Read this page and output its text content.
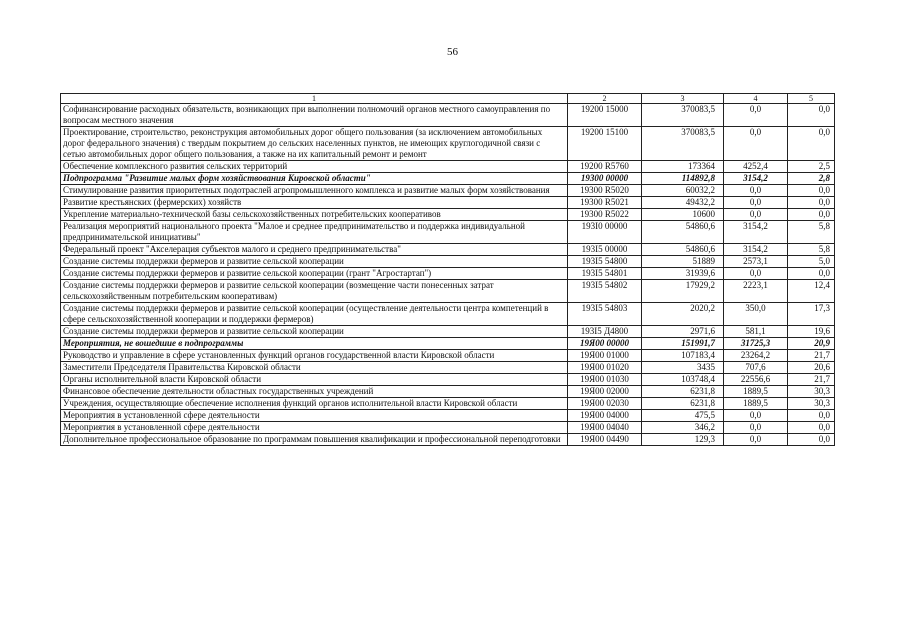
56
1	2	3	4	5
Софинансирование расходных обязательств, возникающих при выполнении полномочий органов местного самоуправления по вопросам местного значения	19200 15000	370083,5	0,0	0,0
Проектирование, строительство, реконструкция автомобильных дорог общего пользования (за исключением автомобильных дорог федерального значения) с твердым покрытием до сельских населенных пунктов, не имеющих круглогодичной связи с сетью автомобильных дорог общего пользования, а также на их капитальный ремонт и ремонт	19200 15100	370083,5	0,0	0,0
Обеспечение комплексного развития сельских территорий	19200 R5760	173364	4252,4	2,5
Подпрограмма "Развитие малых форм хозяйствования Кировской области"	19300 00000	114892,8	3154,2	2,8
Стимулирование развития приоритетных подотраслей агропромышленного комплекса и развитие малых форм хозяйствования	19300 R5020	60032,2	0,0	0,0
Развитие крестьянских (фермерских) хозяйств	19300 R5021	49432,2	0,0	0,0
Укрепление материально-технической базы сельскохозяйственных потребительских кооперативов	19300 R5022	10600	0,0	0,0
Реализация мероприятий национального проекта "Малое и среднее предпринимательство и поддержка индивидуальной предпринимательской инициативы"	193I0 00000	54860,6	3154,2	5,8
Федеральный проект "Акселерация субъектов малого и среднего предпринимательства"	193I5 00000	54860,6	3154,2	5,8
Создание системы поддержки фермеров и развитие сельской кооперации	193I5 54800	51889	2573,1	5,0
Создание системы поддержки фермеров и развитие сельской кооперации (грант "Агростартап")	193I5 54801	31939,6	0,0	0,0
Создание системы поддержки фермеров и развитие сельской кооперации (возмещение части понесенных затрат сельскохозяйственным потребительским кооперативам)	193I5 54802	17929,2	2223,1	12,4
Создание системы поддержки фермеров и развитие сельской кооперации (осуществление деятельности центра компетенций в сфере сельскохозяйственной кооперации и поддержки фермеров)	193I5 54803	2020,2	350,0	17,3
Создание системы поддержки фермеров и развитие сельской кооперации	193I5 Д4800	2971,6	581,1	19,6
Мероприятия, не вошедшие в подпрограммы	19Я00 00000	151991,7	31725,3	20,9
Руководство и управление в сфере установленных функций органов государственной власти Кировской области	19Я00 01000	107183,4	23264,2	21,7
Заместители Председателя Правительства Кировской области	19Я00 01020	3435	707,6	20,6
Органы исполнительной власти Кировской области	19Я00 01030	103748,4	22556,6	21,7
Финансовое обеспечение деятельности областных государственных учреждений	19Я00 02000	6231,8	1889,5	30,3
Учреждения, осуществляющие обеспечение исполнения функций органов исполнительной власти Кировской области	19Я00 02030	6231,8	1889,5	30,3
Мероприятия в установленной сфере деятельности	19Я00 04000	475,5	0,0	0,0
Мероприятия в установленной сфере деятельности	19Я00 04040	346,2	0,0	0,0
Дополнительное профессиональное образование по программам повышения квалификации и профессиональной переподготовки	19Я00 04490	129,3	0,0	0,0
